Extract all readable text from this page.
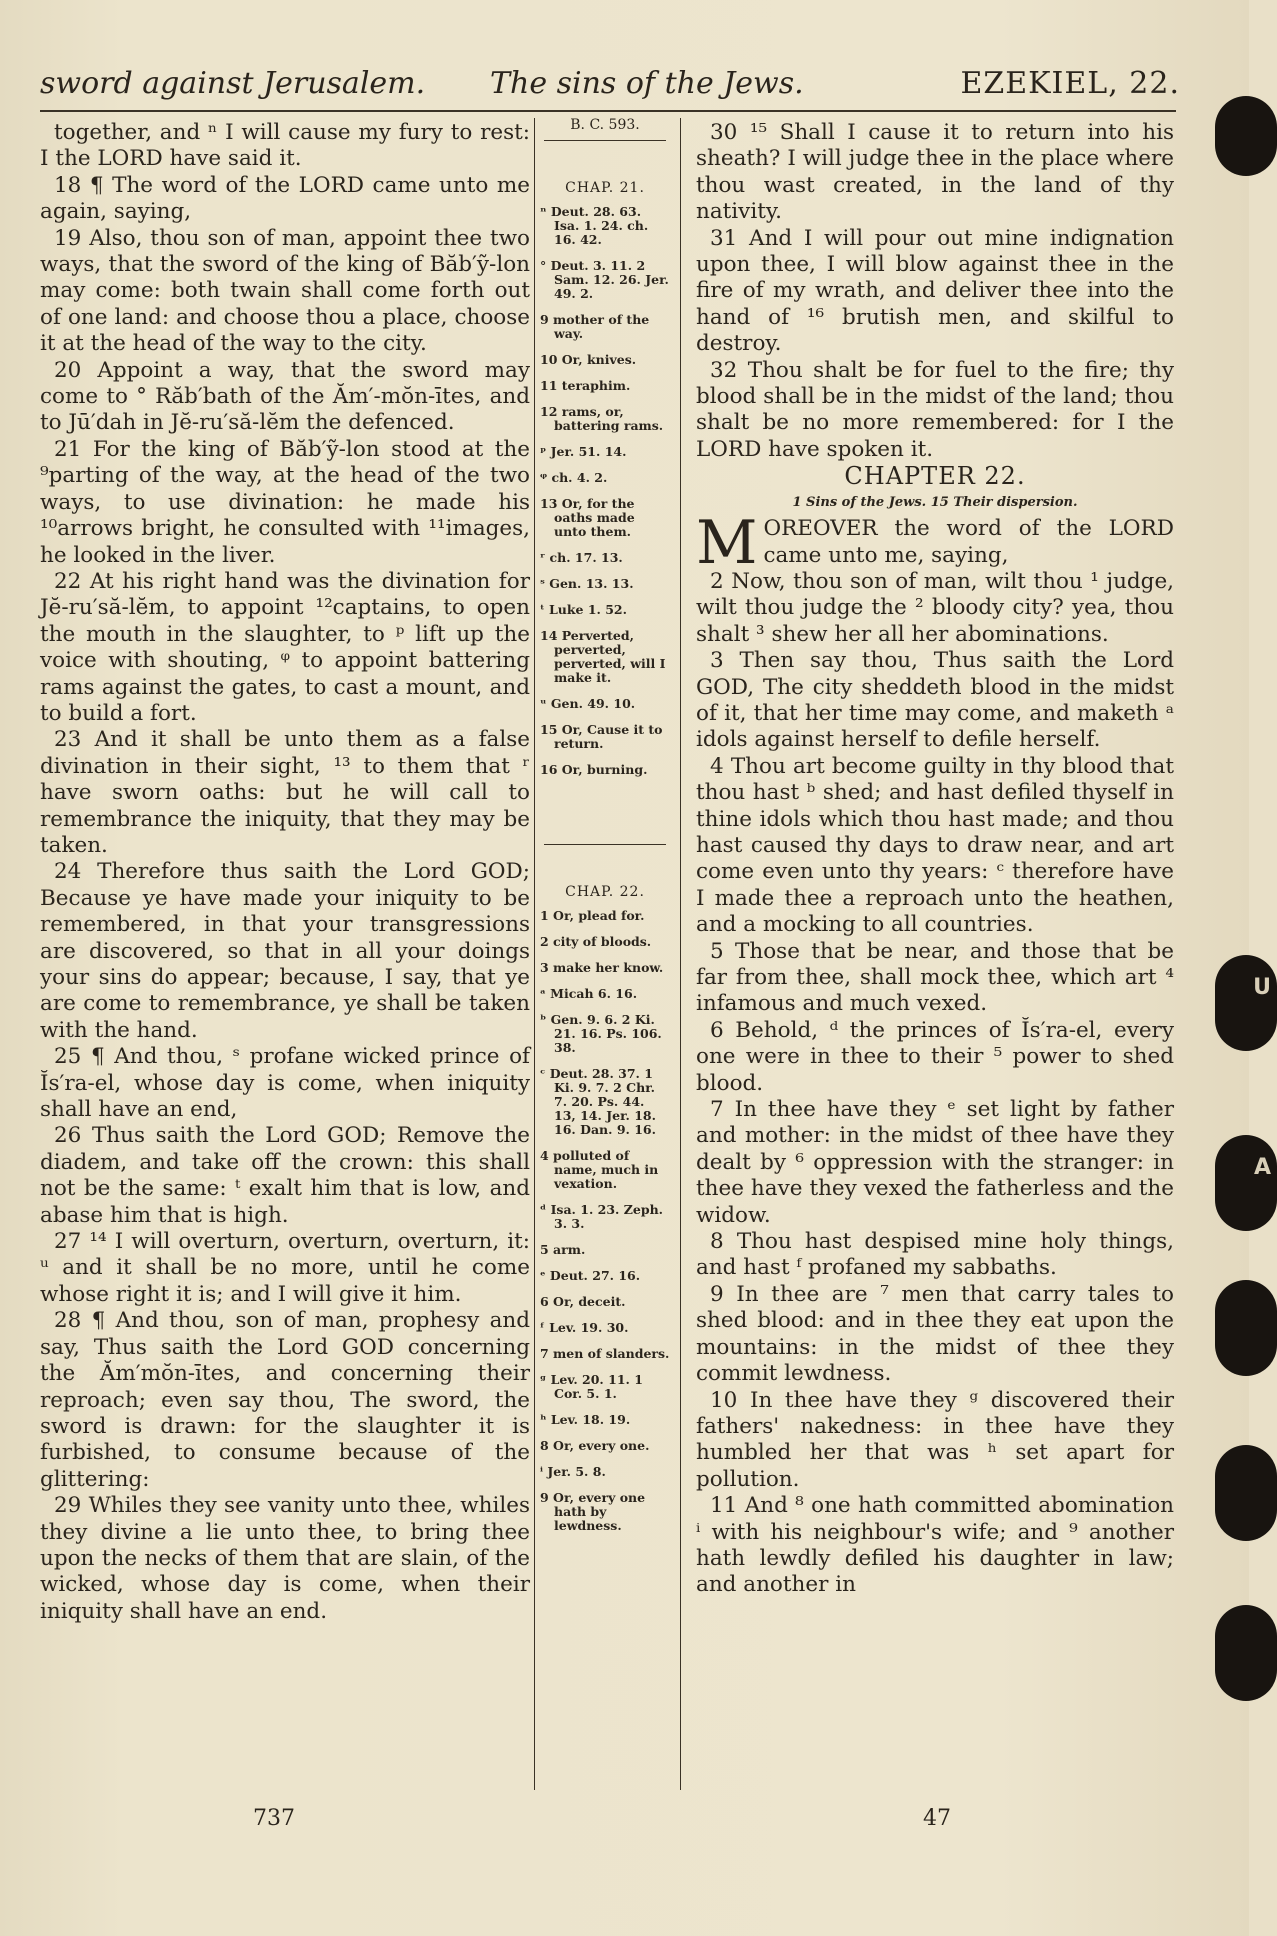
sword against Jerusalem. The sins of the Jews.	EZEKIEL, 22.

together, and ⁿ I will cause my fury to rest: I the LORD have said it.

18 ¶ The word of the LORD came unto me again, saying,

19 Also, thou son of man, appoint thee two ways, that the sword of the king of Băb′ỹ-lon may come: both twain shall come forth out of one land: and choose thou a place, choose it at the head of the way to the city.

20 Appoint a way, that the sword may come to ° Răb′bath of the Ăm′-mŏn-ītes, and to Jū′dah in Jĕ-ru′să-lĕm the defenced.

21 For the king of Băb′ỹ-lon stood at the ⁹parting of the way, at the head of the two ways, to use divination: he made his ¹⁰arrows bright, he consulted with ¹¹images, he looked in the liver.

22 At his right hand was the divination for Jĕ-ru′să-lĕm, to appoint ¹²captains, to open the mouth in the slaughter, to ᵖ lift up the voice with shouting, ᵠ to appoint battering rams against the gates, to cast a mount, and to build a fort.

23 And it shall be unto them as a false divination in their sight, ¹³ to them that ʳ have sworn oaths: but he will call to remembrance the iniquity, that they may be taken.

24 Therefore thus saith the Lord GOD; Because ye have made your iniquity to be remembered, in that your transgressions are discovered, so that in all your doings your sins do appear; because, I say, that ye are come to remembrance, ye shall be taken with the hand.

25 ¶ And thou, ˢ profane wicked prince of Ĭs′ra-el, whose day is come, when iniquity shall have an end,

26 Thus saith the Lord GOD; Remove the diadem, and take off the crown: this shall not be the same: ᵗ exalt him that is low, and abase him that is high.

27 ¹⁴ I will overturn, overturn, overturn, it: ᵘ and it shall be no more, until he come whose right it is; and I will give it him.

28 ¶ And thou, son of man, prophesy and say, Thus saith the Lord GOD concerning the Ăm′mŏn-ītes, and concerning their reproach; even say thou, The sword, the sword is drawn: for the slaughter it is furbished, to consume because of the glittering:

29 Whiles they see vanity unto thee, whiles they divine a lie unto thee, to bring thee upon the necks of them that are slain, of the wicked, whose day is come, when their iniquity shall have an end.

B. C. 593.
CHAP. 21.
ⁿ Deut. 28. 63. Isa. 1. 24. ch. 16. 42.
° Deut. 3. 11. 2 Sam. 12. 26. Jer. 49. 2.
9 mother of the way.
10 Or, knives.
11 teraphim.
12 rams, or, battering rams.
ᵖ Jer. 51. 14.
ᵠ ch. 4. 2.
13 Or, for the oaths made unto them.
ʳ ch. 17. 13.
ˢ Gen. 13. 13.
ᵗ Luke 1. 52.
14 Perverted, perverted, perverted, will I make it.
ᵘ Gen. 49. 10.
15 Or, Cause it to return.
16 Or, burning.
CHAP. 22.
1 Or, plead for.
2 city of bloods.
3 make her know.
ᵃ Micah 6. 16.
ᵇ Gen. 9. 6. 2 Ki. 21. 16. Ps. 106. 38.
ᶜ Deut. 28. 37. 1 Ki. 9. 7. 2 Chr. 7. 20. Ps. 44. 13, 14. Jer. 18. 16. Dan. 9. 16.
4 polluted of name, much in vexation.
ᵈ Isa. 1. 23. Zeph. 3. 3.
5 arm.
ᵉ Deut. 27. 16.
6 Or, deceit.
ᶠ Lev. 19. 30.
7 men of slanders.
ᵍ Lev. 20. 11. 1 Cor. 5. 1.
ʰ Lev. 18. 19.
8 Or, every one.
ⁱ Jer. 5. 8.
9 Or, every one hath by lewdness.

30 ¹⁵ Shall I cause it to return into his sheath? I will judge thee in the place where thou wast created, in the land of thy nativity.

31 And I will pour out mine indignation upon thee, I will blow against thee in the fire of my wrath, and deliver thee into the hand of ¹⁶ brutish men, and skilful to destroy.

32 Thou shalt be for fuel to the fire; thy blood shall be in the midst of the land; thou shalt be no more remembered: for I the LORD have spoken it.

CHAPTER 22.

1 Sins of the Jews. 15 Their dispersion.

MOREOVER the word of the LORD came unto me, saying,

2 Now, thou son of man, wilt thou ¹ judge, wilt thou judge the ² bloody city? yea, thou shalt ³ shew her all her abominations.

3 Then say thou, Thus saith the Lord GOD, The city sheddeth blood in the midst of it, that her time may come, and maketh ᵃ idols against herself to defile herself.

4 Thou art become guilty in thy blood that thou hast ᵇ shed; and hast defiled thyself in thine idols which thou hast made; and thou hast caused thy days to draw near, and art come even unto thy years: ᶜ therefore have I made thee a reproach unto the heathen, and a mocking to all countries.

5 Those that be near, and those that be far from thee, shall mock thee, which art ⁴ infamous and much vexed.

6 Behold, ᵈ the princes of Ĭs′ra-el, every one were in thee to their ⁵ power to shed blood.

7 In thee have they ᵉ set light by father and mother: in the midst of thee have they dealt by ⁶ oppression with the stranger: in thee have they vexed the fatherless and the widow.

8 Thou hast despised mine holy things, and hast ᶠ profaned my sabbaths.

9 In thee are ⁷ men that carry tales to shed blood: and in thee they eat upon the mountains: in the midst of thee they commit lewdness.

10 In thee have they ᵍ discovered their fathers' nakedness: in thee have they humbled her that was ʰ set apart for pollution.

11 And ⁸ one hath committed abomination ⁱ with his neighbour's wife; and ⁹ another hath lewdly defiled his daughter in law; and another in

737	47
U
A
